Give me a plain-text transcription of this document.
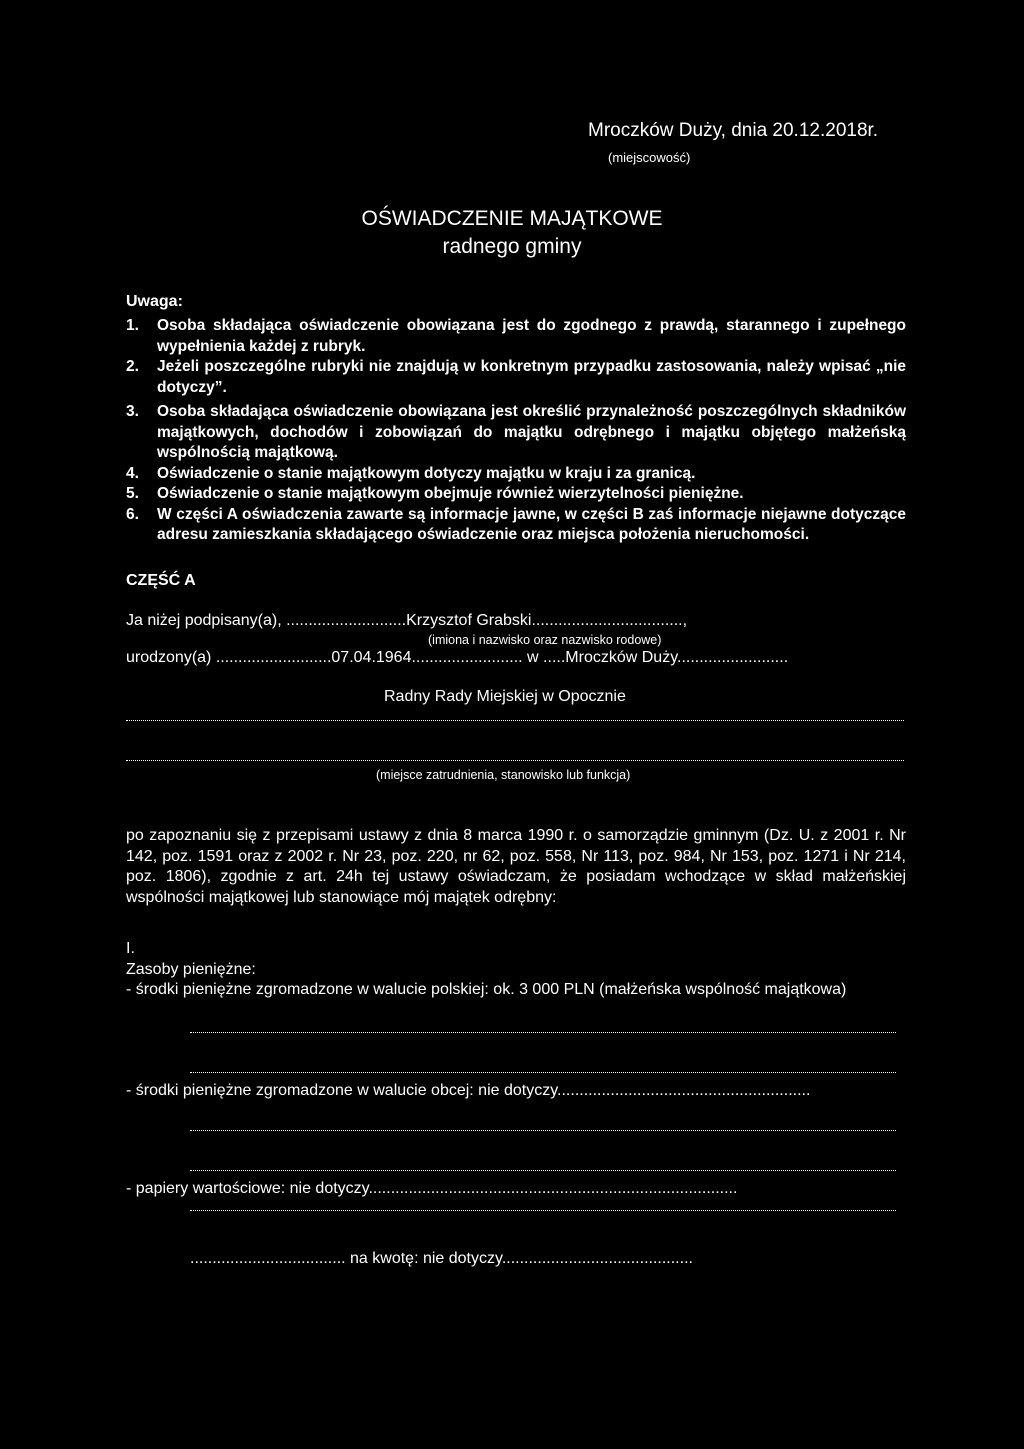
Mroczków Duży, dnia 20.12.2018r.
(miejscowość)
OŚWIADCZENIE MAJĄTKOWE
radnego gminy
Uwaga:
1.	Osoba składająca oświadczenie obowiązana jest do zgodnego z prawdą, starannego i zupełnego wypełnienia każdej z rubryk.
2.	Jeżeli poszczególne rubryki nie znajdują w konkretnym przypadku zastosowania, należy wpisać „nie dotyczy”.
3.	Osoba składająca oświadczenie obowiązana jest określić przynależność poszczególnych składników majątkowych, dochodów i zobowiązań do majątku odrębnego i majątku objętego małżeńską wspólnością majątkową.
4.	Oświadczenie o stanie majątkowym dotyczy majątku w kraju i za granicą.
5.	Oświadczenie o stanie majątkowym obejmuje również wierzytelności pieniężne.
6.	W części A oświadczenia zawarte są informacje jawne, w części B zaś informacje niejawne dotyczące adresu zamieszkania składającego oświadczenie oraz miejsca położenia nieruchomości.
CZĘŚĆ A
Ja niżej podpisany(a), ...........................Krzysztof Grabski..................................,
(imiona i nazwisko oraz nazwisko rodowe)
urodzony(a) ..........................07.04.1964......................... w .....Mroczków Duży.........................
Radny Rady Miejskiej w Opocznie
(miejsce zatrudnienia, stanowisko lub funkcja)
po zapoznaniu się z przepisami ustawy z dnia 8 marca 1990 r. o samorządzie gminnym (Dz. U. z 2001 r. Nr 142, poz. 1591 oraz z 2002 r. Nr 23, poz. 220, nr 62, poz. 558, Nr 113, poz. 984, Nr 153, poz. 1271 i Nr 214, poz. 1806), zgodnie z art. 24h tej ustawy oświadczam, że posiadam wchodzące w skład małżeńskiej wspólności majątkowej lub stanowiące mój majątek odrębny:
I.
Zasoby pieniężne:
- środki pieniężne zgromadzone w walucie polskiej: ok. 3 000 PLN (małżeńska wspólność majątkowa)
- środki pieniężne zgromadzone w walucie obcej: nie dotyczy.........................................................
- papiery wartościowe: nie dotyczy...................................................................................
................................... na kwotę: nie dotyczy...........................................
